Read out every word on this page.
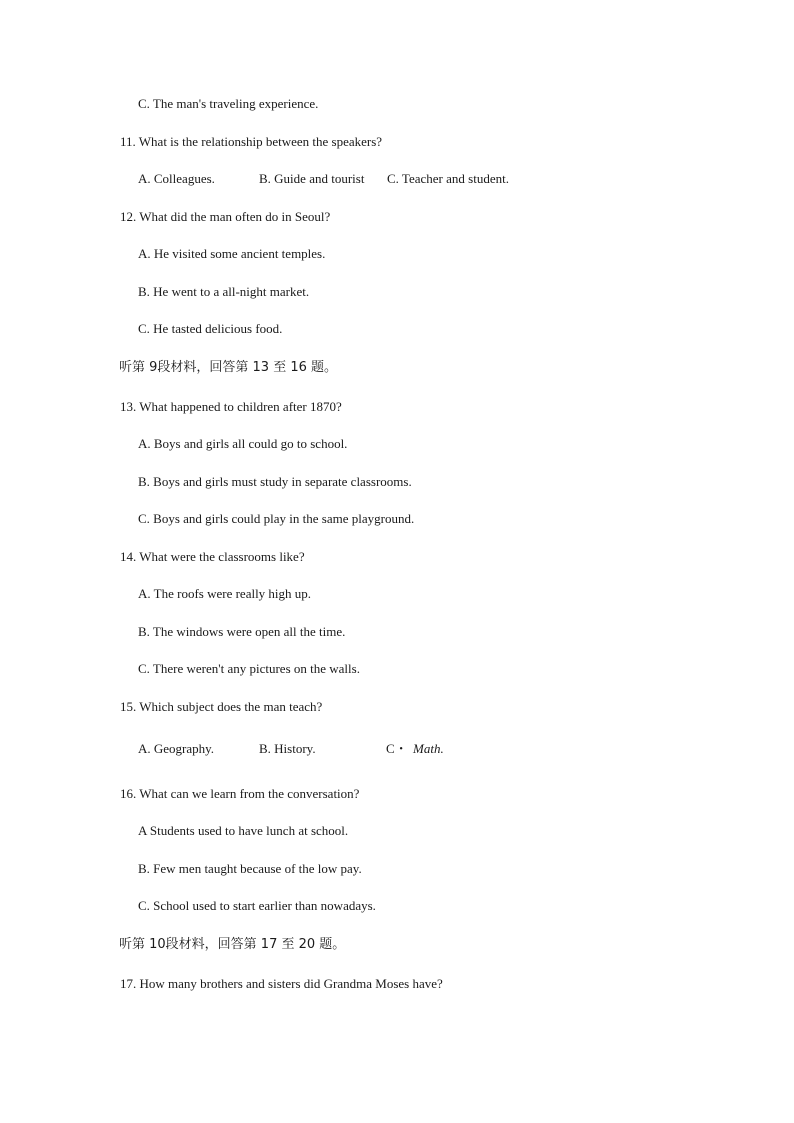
C. The man's traveling experience.
11. What is the relationship between the speakers?
A. Colleagues.	B. Guide and tourist C. Teacher and student.
12. What did the man often do in Seoul?
A. He visited some ancient temples.
B. He went to a all-night market.
C. He tasted delicious food.
听第 9段材料，回答第 13 至 16 题。
13. What happened to children after 1870?
A. Boys and girls all could go to school.
B. Boys and girls must study in separate classrooms.
C. Boys and girls could play in the same playground.
14. What were the classrooms like?
A. The roofs were really high up.
B. The windows were open all the time.
C. There weren't any pictures on the walls.
15. Which subject does the man teach?
A. Geography.	B. History.	C・ Math.
16. What can we learn from the conversation?
A Students used to have lunch at school.
B. Few men taught because of the low pay.
C. School used to start earlier than nowadays.
听第 10段材料，回答第 17 至 20 题。
17. How many brothers and sisters did Grandma Moses have?
